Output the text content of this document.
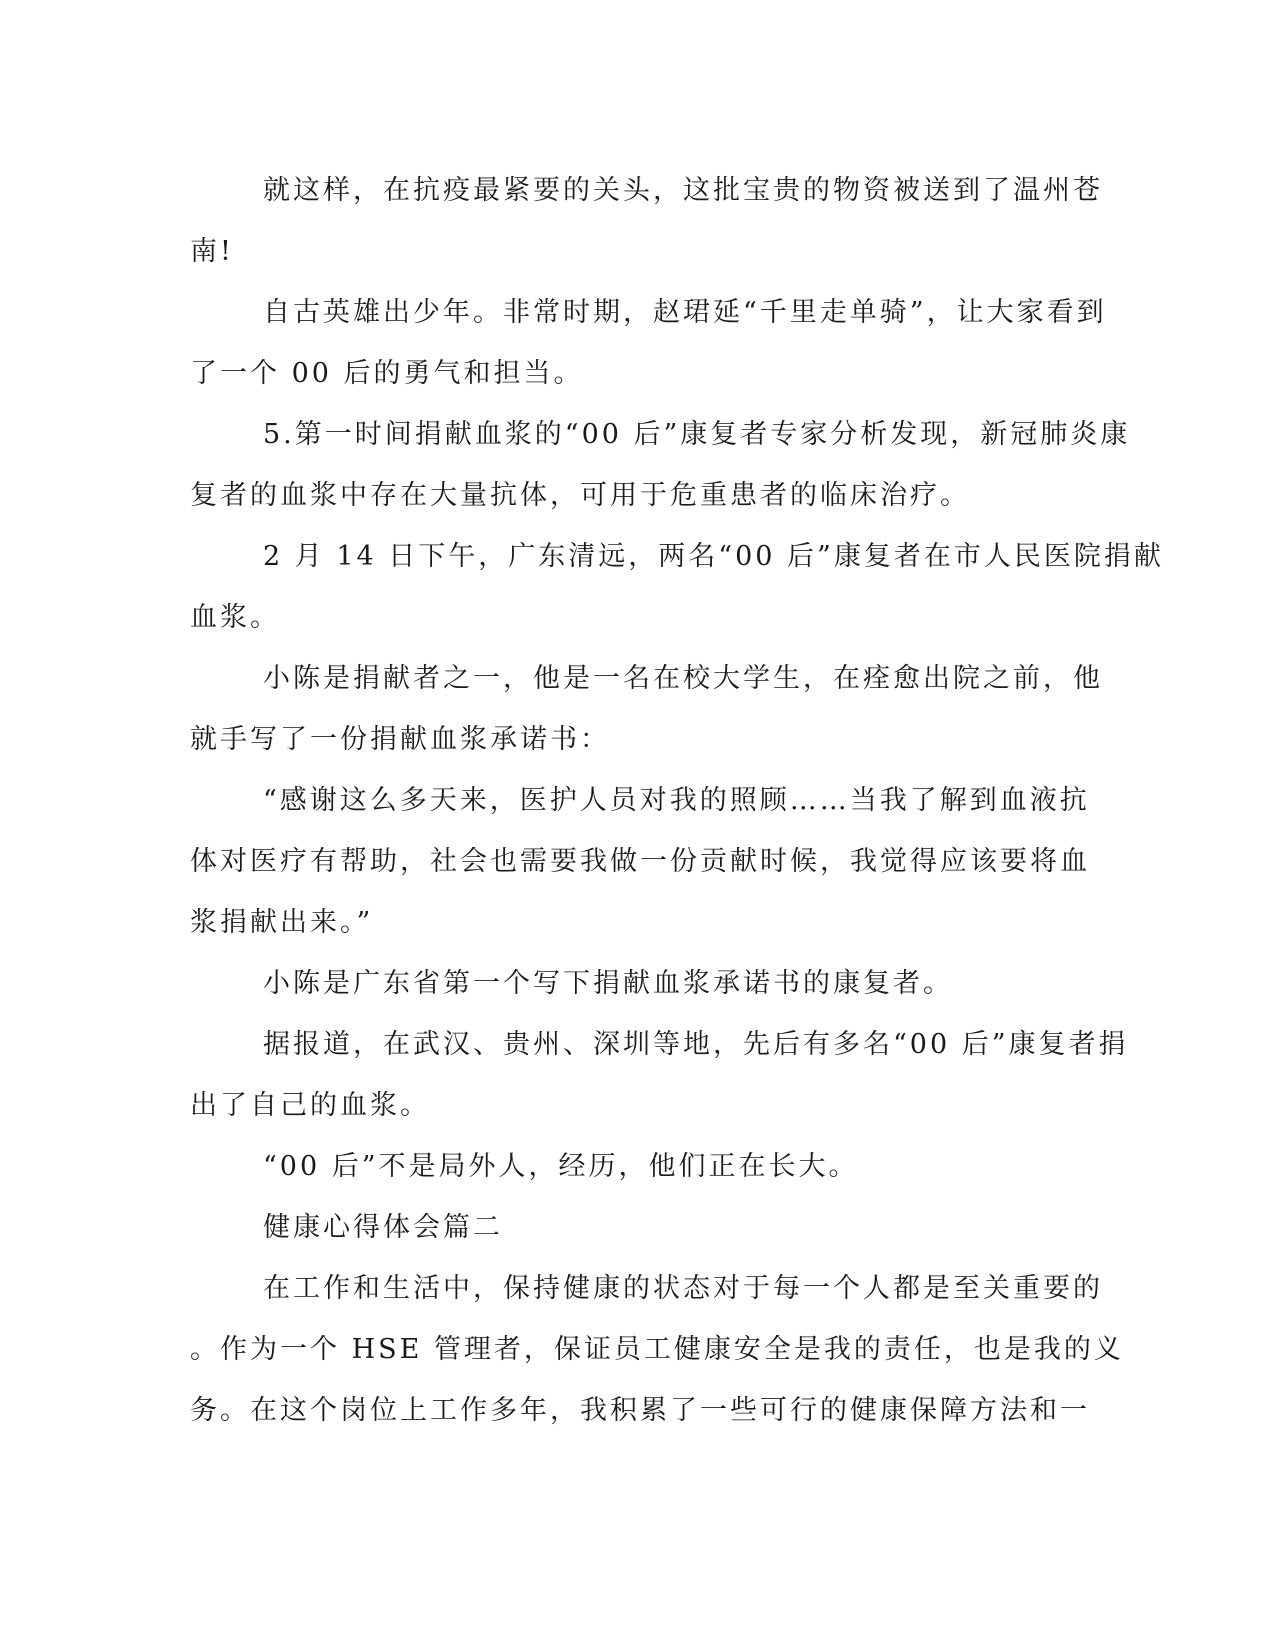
就这样，在抗疫最紧要的关头，这批宝贵的物资被送到了温州苍
南!
自古英雄出少年。非常时期，赵珺延“千里走单骑”，让大家看到
了一个 00 后的勇气和担当。
5.第一时间捐献血浆的“00 后”康复者专家分析发现，新冠肺炎康
复者的血浆中存在大量抗体，可用于危重患者的临床治疗。
2 月 14 日下午，广东清远，两名“00 后”康复者在市人民医院捐献
血浆。
小陈是捐献者之一，他是一名在校大学生，在痊愈出院之前，他
就手写了一份捐献血浆承诺书：
“感谢这么多天来，医护人员对我的照顾……当我了解到血液抗
体对医疗有帮助，社会也需要我做一份贡献时候，我觉得应该要将血
浆捐献出来。”
小陈是广东省第一个写下捐献血浆承诺书的康复者。
据报道，在武汉、贵州、深圳等地，先后有多名“00 后”康复者捐
出了自己的血浆。
“00 后”不是局外人，经历，他们正在长大。
健康心得体会篇二
在工作和生活中，保持健康的状态对于每一个人都是至关重要的
。作为一个 HSE 管理者，保证员工健康安全是我的责任，也是我的义
务。在这个岗位上工作多年，我积累了一些可行的健康保障方法和一
